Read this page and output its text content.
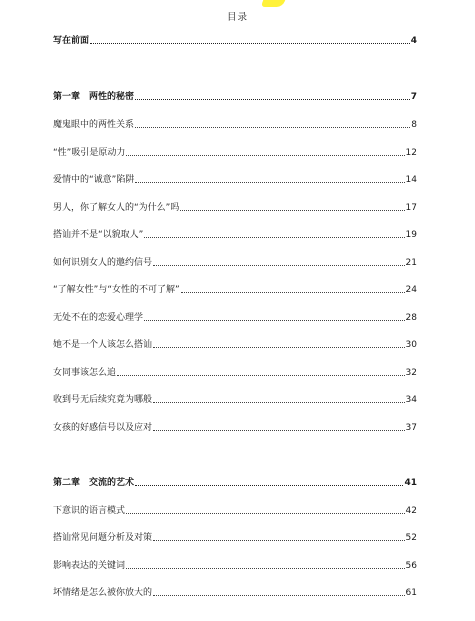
目录
写在前面	4
第一章　两性的秘密	7
魔鬼眼中的两性关系	8
“性”吸引是原动力	12
爱情中的“诚意”陷阱	14
男人，你了解女人的“为什么”吗	17
搭讪并不是“以貌取人”	19
如何识别女人的邀约信号	21
“了解女性”与“女性的不可了解”	24
无处不在的恋爱心理学	28
她不是一个人该怎么搭讪	30
女同事该怎么追	32
收到号无后续究竟为哪般	34
女孩的好感信号以及应对	37
第二章　交流的艺术	41
下意识的语言模式	42
搭讪常见问题分析及对策	52
影响表达的关键词	56
坏情绪是怎么被你放大的	61
